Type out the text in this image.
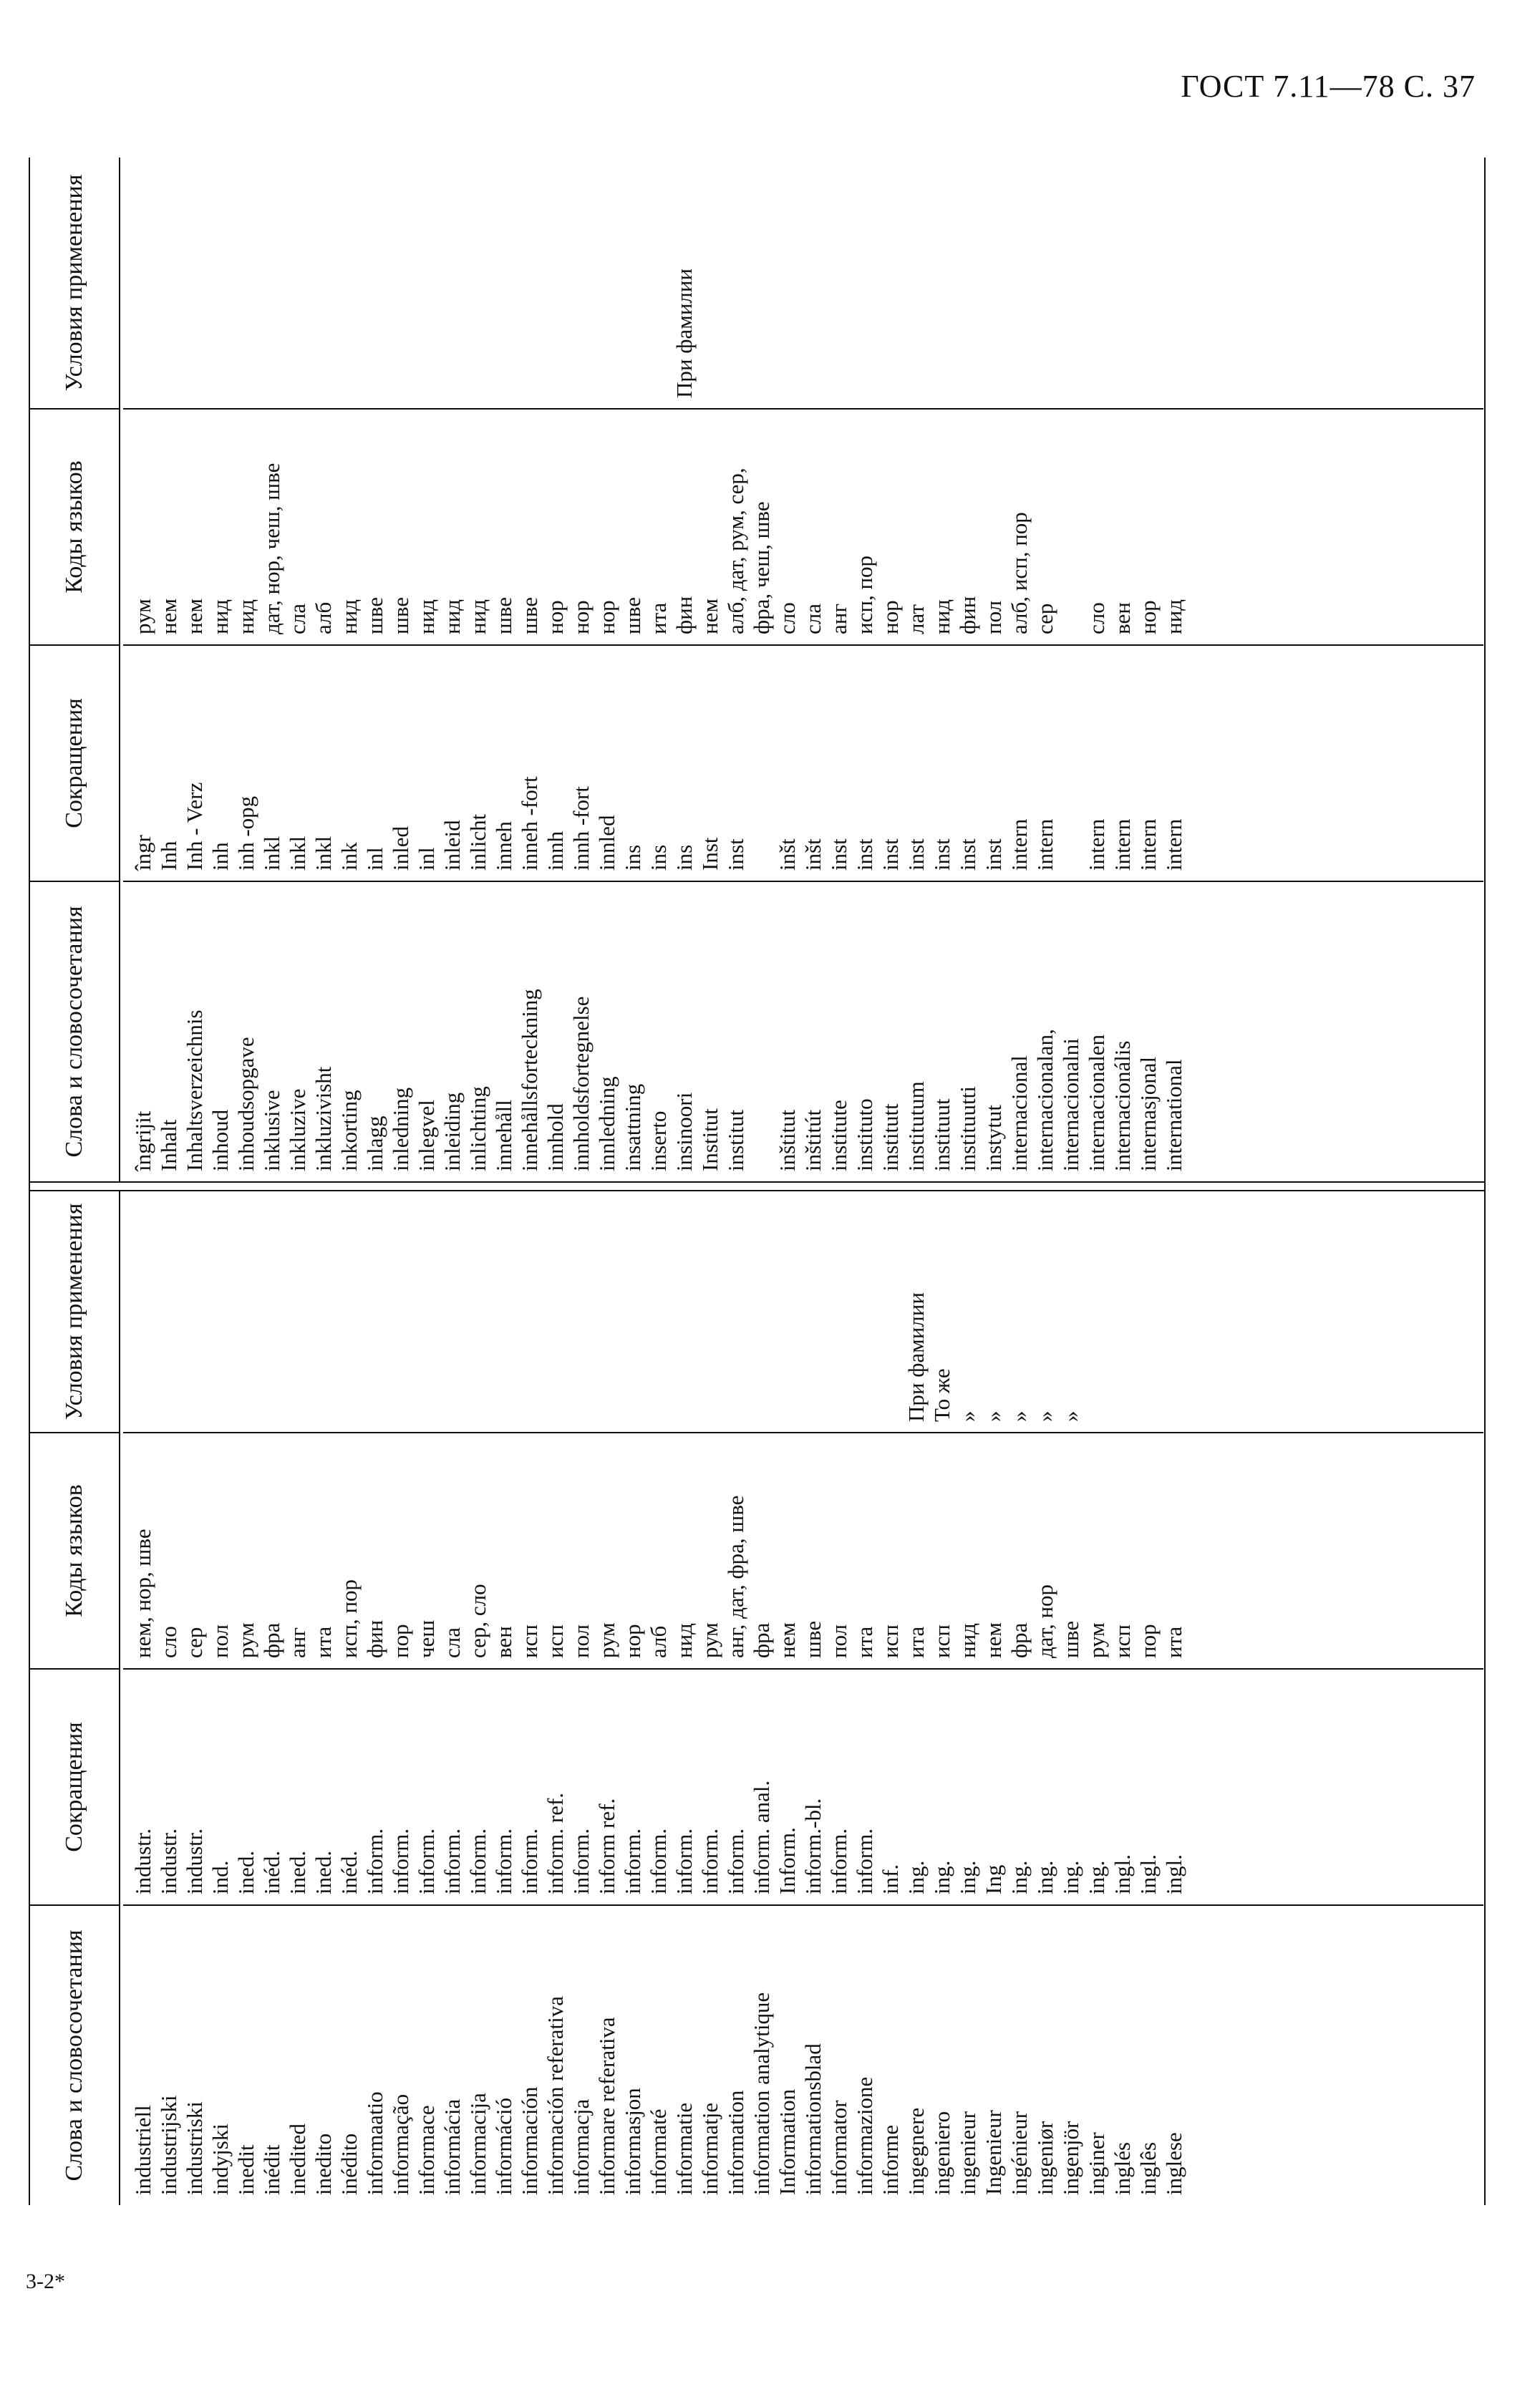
ГОСТ 7.11—78 С. 37
Слова и словосочетания
Сокращения
Коды языков
Условия применения
industriell industrijski industriski indyjski inedit inédit inedited inedito inédito informaatio informação informace informácia informacija információ información información referativa informacja informare referativa informasjon informaté informatie informatje information information analytique Information informationsblad informator informazione informe ingegnere ingeniero ingenieur Ingenieur ingénieur ingeniør ingenjör inginer inglés inglês inglese
industr. industr. industr. ind. ined. inéd. ined. ined. inéd. inform. inform. inform. inform. inform. inform. inform. inform. ref. inform. inform ref. inform. inform. inform. inform. inform. inform. anal. Inform. inform.-bl. inform. inform. inf. ing. ing. ing. Ing ing. ing. ing. ing. ingl. ingl. ingl.
нем, нор, шве сло сер пол рум фра анг ита исп, пор фин пор чеш сла сер, сло вен исп исп пол рум нор алб нид рум анг, дат, фра, шве фра нем шве пол ита исп ита исп нид нем фра дат, нор шве рум исп пор ита
При фамилии То же » » » » »
Слова и словосочетания
Сокращения
Коды языков
Условия применения
îngrijit Inhalt Inhaltsverzeichnis inhoud inhoudsopgave inklusive inkluzive inkluzivisht inkorting inlagg inledning inlegvel inleiding inlichting innehåll innehållsforteckning innhold innholdsfortegnelse innledning insattning inserto insinoori Institut institut inštitut inštitút institute instituto institutt institutum instituut instituutti instytut internacional internacionalan, internacionalni internacionalen internacionális internasjonal international
îngr Inh Inh - Verz inh inh -opg inkl inkl inkl ink inl inled inl inleid inlicht inneh inneh -fort innh innh -fort innled ins ins ins Inst inst inšt inšt inst inst inst inst inst inst inst intern intern intern intern intern intern
рум нем нем нид нид дат, нор, чеш, шве сла алб нид шве шве нид нид нид шве шве нор нор нор шве ита фин нем алб, дат, рум, сер, фра, чеш, шве сло сла анг исп, пор нор лат нид фин пол алб, исп, пор сер сло вен нор нид
При фамилии
3-2*
